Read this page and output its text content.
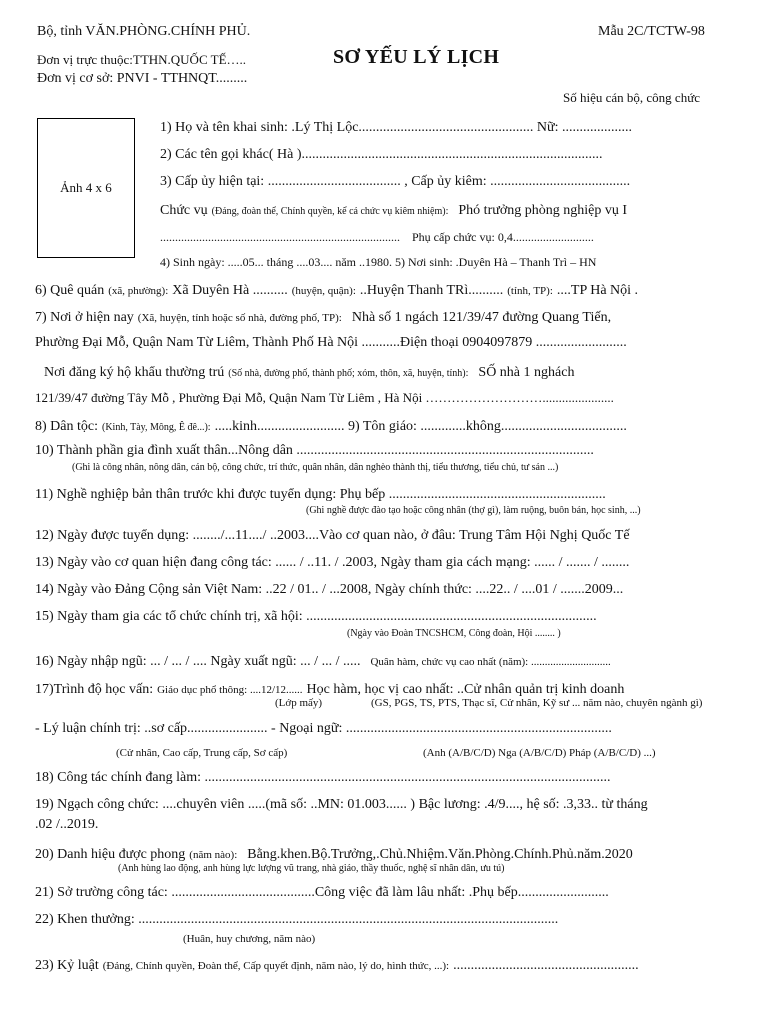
Bộ, tỉnh VĂN.PHÒNG.CHÍNH PHỦ.	Mẫu 2C/TCTW-98
Đơn vị trực thuộc:TTHN.QUỐC TẾ…..	SƠ YẾU LÝ LỊCH
Đơn vị cơ sở: PNVI - TTHNQT.........
Số hiệu cán bộ, công chức
Ảnh 4 x 6
1) Họ và tên khai sinh: .Lý Thị Lộc.................................................. Nữ: ....................
2) Các tên gọi khác( Hà )......................................................................................
3) Cấp ủy hiện tại: ...................................... , Cấp ủy kiêm: ........................................
Chức vụ (Đảng, đoàn thể, Chính quyền, kể cả chức vụ kiêm nhiệm): Phó trưởng phòng nghiệp vụ I
................................................................................ Phụ cấp chức vụ: 0,4...........................
4) Sinh ngày: .....05... tháng ....03.... năm ..1980. 5) Nơi sinh: .Duyên Hà – Thanh Trì – HN
6) Quê quán (xã, phường): Xã Duyên Hà .......... (huyện, quận): ..Huyện Thanh TRì.......... (tỉnh, TP): ....TP Hà Nội .
7) Nơi ở hiện nay (Xã, huyện, tỉnh hoặc số nhà, đường phố, TP): Nhà số 1 ngách 121/39/47 đường Quang Tiến,
Phường Đại Mỗ, Quận Nam Từ Liêm, Thành Phố Hà Nội ...........Điện thoại 0904097879 ..........................
Nơi đăng ký hộ khẩu thường trú (Số nhà, đường phố, thành phố; xóm, thôn, xã, huyện, tỉnh): SỐ nhà 1 nghách
121/39/47 đường Tây Mỗ , Phường Đại Mỗ, Quận Nam Từ Liêm , Hà Nội ………………………......................
8) Dân tộc: (Kinh, Tày, Mông, Ê đê...): .....kinh......................... 9) Tôn giáo: .............không....................................
10) Thành phần gia đình xuất thân...Nông dân .....................................................................................
(Ghi là công nhân, nông dân, cán bộ, công chức, trí thức, quân nhân, dân nghèo thành thị, tiểu thương, tiểu chủ, tư sản ...)
11) Nghề nghiệp bản thân trước khi được tuyển dụng: Phụ bếp ..............................................................
(Ghi nghề được đào tạo hoặc công nhân (thợ gì), làm ruộng, buôn bán, học sinh, ...)
12) Ngày được tuyển dụng: ......../...11..../ ..2003....Vào cơ quan nào, ở đâu: Trung Tâm Hội Nghị Quốc Tế
13) Ngày vào cơ quan hiện đang công tác: ...... / ..11. / .2003, Ngày tham gia cách mạng: ...... / ....... / ........
14) Ngày vào Đảng Cộng sản Việt Nam: ..22 / 01.. / ...2008, Ngày chính thức: ....22.. / ....01 / .......2009...
15) Ngày tham gia các tổ chức chính trị, xã hội: ...................................................................................
(Ngày vào Đoàn TNCSHCM, Công đoàn, Hội ........ )
16) Ngày nhập ngũ: ... / ... / .... Ngày xuất ngũ: ... / ... / ..... Quân hàm, chức vụ cao nhất (năm): .............................
17)Trình độ học vấn: Giáo dục phổ thông: ....12/12...... Học hàm, học vị cao nhất: ..Cử nhân quản trị kinh doanh
(Lớp mấy)	(GS, PGS, TS, PTS, Thạc sĩ, Cử nhân, Kỹ sư ... năm nào, chuyên ngành gì)
- Lý luận chính trị: ..sơ cấp....................... - Ngoại ngữ: ............................................................................
(Cử nhân, Cao cấp, Trung cấp, Sơ cấp)	(Anh (A/B/C/D) Nga (A/B/C/D) Pháp (A/B/C/D) ...)
18) Công tác chính đang làm: ....................................................................................................................
19) Ngạch công chức: ....chuyên viên .....(mã số: ..MN: 01.003...... ) Bậc lương: .4/9...., hệ số: .3,33.. từ tháng
.02 /..2019.
20) Danh hiệu được phong (năm nào): Bằng.khen.Bộ.Trưởng,.Chủ.Nhiệm.Văn.Phòng.Chính.Phủ.năm.2020
(Anh hùng lao động, anh hùng lực lượng vũ trang, nhà giáo, thầy thuốc, nghệ sĩ nhân dân, ưu tú)
21) Sở trường công tác: .........................................Công việc đã làm lâu nhất: .Phụ bếp..........................
22) Khen thưởng: ........................................................................................................................
(Huân, huy chương, năm nào)
23) Kỷ luật (Đảng, Chính quyền, Đoàn thể, Cấp quyết định, năm nào, lý do, hình thức, ...): .....................................................
